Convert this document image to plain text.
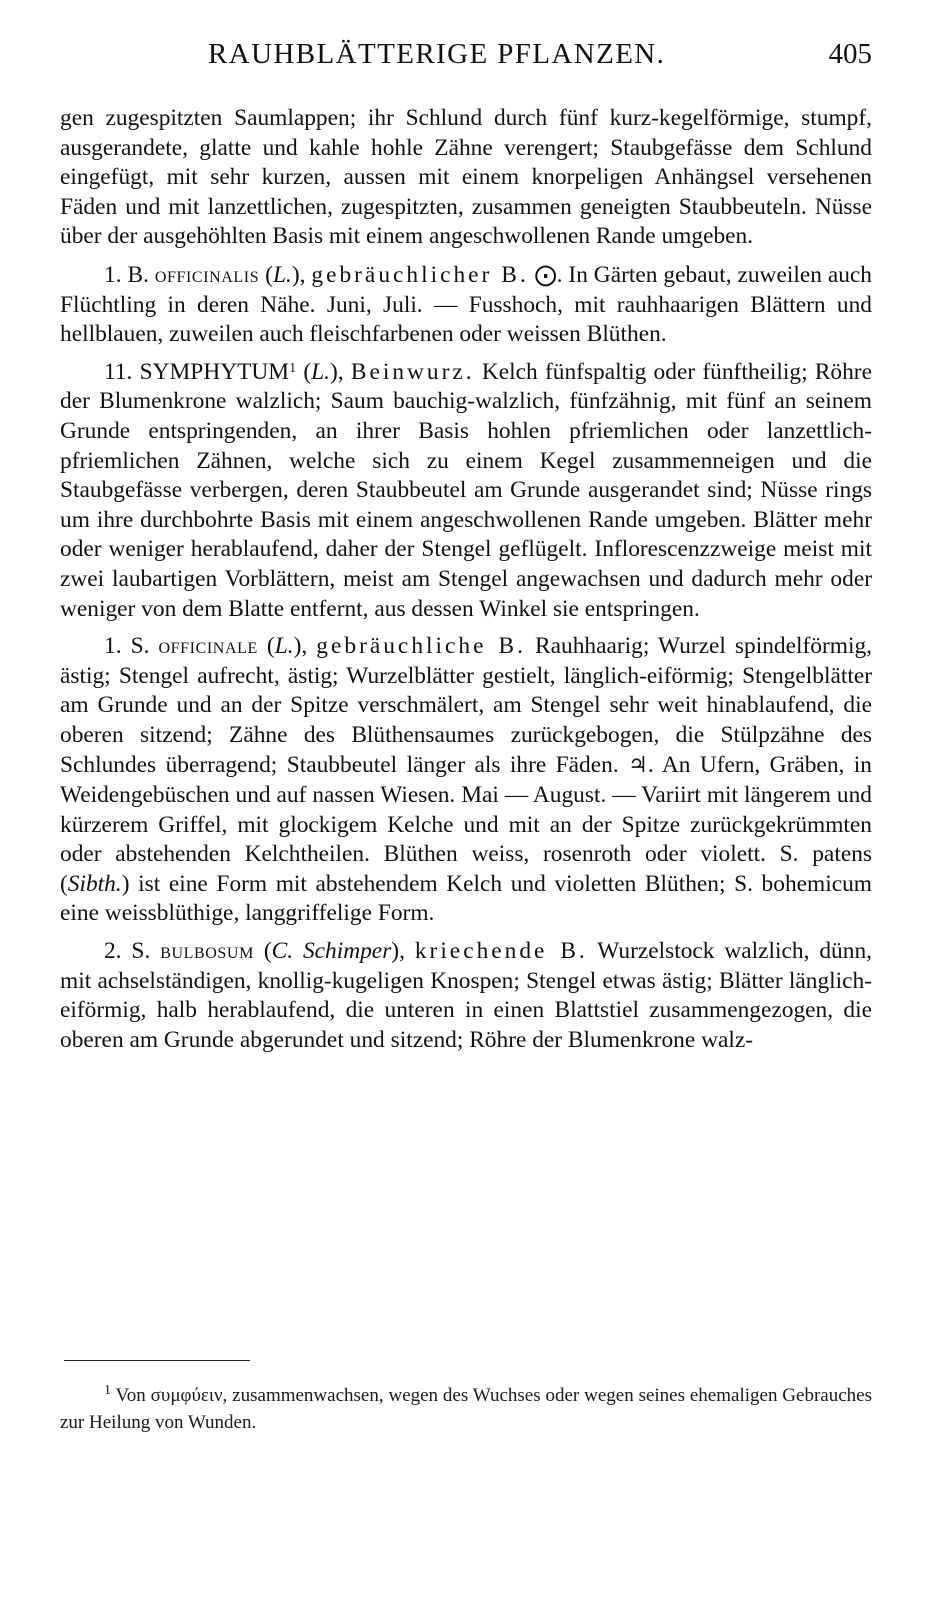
RAUHBLÄTTERIGE PFLANZEN.	405

gen zugespitzten Saumlappen; ihr Schlund durch fünf kurz-kegelförmige, stumpf, ausgerandete, glatte und kahle hohle Zähne verengert; Staubgefässe dem Schlund eingefügt, mit sehr kurzen, aussen mit einem knorpeligen Anhängsel versehenen Fäden und mit lanzettlichen, zugespitzten, zusammen geneigten Staubbeuteln. Nüsse über der ausgehöhlten Basis mit einem angeschwollenen Rande umgeben.

1. B. officinalis (L.), gebräuchlicher B. ⨀. In Gärten gebaut, zuweilen auch Flüchtling in deren Nähe. Juni, Juli. — Fusshoch, mit rauhhaarigen Blättern und hellblauen, zuweilen auch fleischfarbenen oder weissen Blüthen.

11. SYMPHYTUM$^1$ (L.), Beinwurz. Kelch fünfspaltig oder fünftheilig; Röhre der Blumenkrone walzlich; Saum bauchig-walzlich, fünfzähnig, mit fünf an seinem Grunde entspringenden, an ihrer Basis hohlen pfriemlichen oder lanzettlich-pfriemlichen Zähnen, welche sich zu einem Kegel zusammenneigen und die Staubgefässe verbergen, deren Staubbeutel am Grunde ausgerandet sind; Nüsse rings um ihre durchbohrte Basis mit einem angeschwollenen Rande umgeben. Blätter mehr oder weniger herablaufend, daher der Stengel geflügelt. Inflorescenzzweige meist mit zwei laubartigen Vorblättern, meist am Stengel angewachsen und dadurch mehr oder weniger von dem Blatte entfernt, aus dessen Winkel sie entspringen.

1. S. officinale (L.), gebräuchliche B. Rauhhaarig; Wurzel spindelförmig, ästig; Stengel aufrecht, ästig; Wurzelblätter gestielt, länglich-eiförmig; Stengelblätter am Grunde und an der Spitze verschmälert, am Stengel sehr weit hinablaufend, die oberen sitzend; Zähne des Blüthensaumes zurückgebogen, die Stülpzähne des Schlundes überragend; Staubbeutel länger als ihre Fäden. ♃. An Ufern, Gräben, in Weidengebüschen und auf nassen Wiesen. Mai — August. — Variirt mit längerem und kürzerem Griffel, mit glockigem Kelche und mit an der Spitze zurückgekrümmten oder abstehenden Kelchtheilen. Blüthen weiss, rosenroth oder violett. S. patens (Sibth.) ist eine Form mit abstehendem Kelch und violetten Blüthen; S. bohemicum eine weissblüthige, langgriffelige Form.

2. S. bulbosum (C. Schimper), kriechende B. Wurzelstock walzlich, dünn, mit achselständigen, knollig-kugeligen Knospen; Stengel etwas ästig; Blätter länglich-eiförmig, halb herablaufend, die unteren in einen Blattstiel zusammengezogen, die oberen am Grunde abgerundet und sitzend; Röhre der Blumenkrone walz-

$^1$ Von συμφύειν, zusammenwachsen, wegen des Wuchses oder wegen seines ehemaligen Gebrauches zur Heilung von Wunden.
